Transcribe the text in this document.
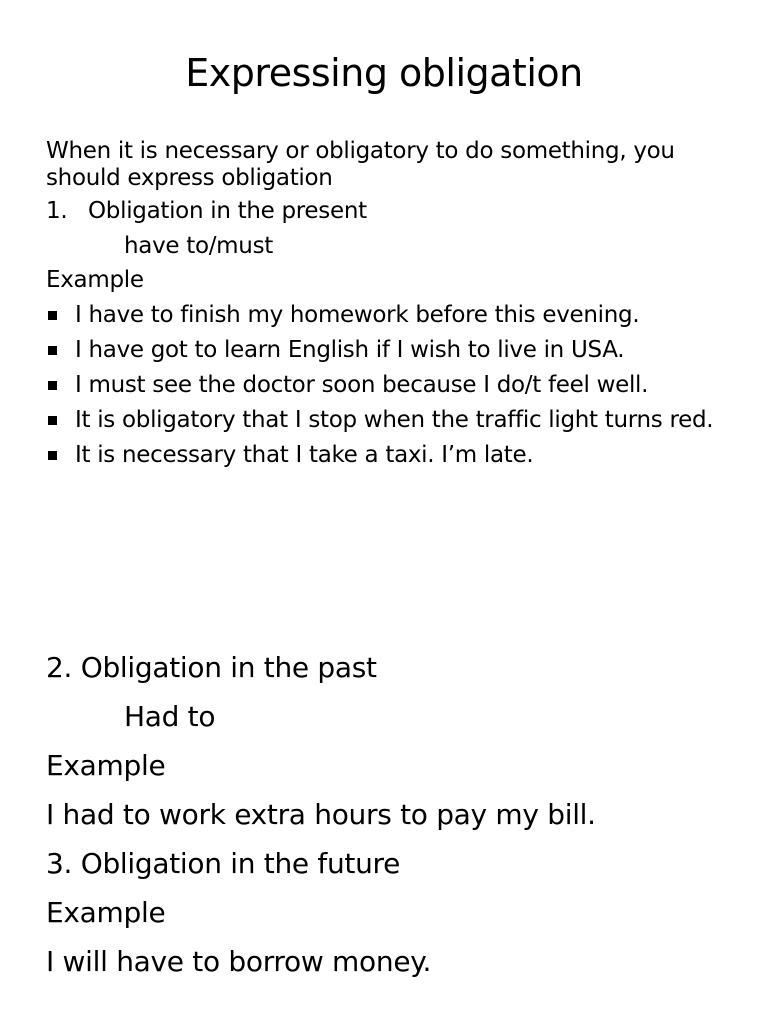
Expressing obligation
When it is necessary or obligatory to do something, you should express obligation
1. Obligation in the present
have to/must
Example
I have to finish my homework before this evening.
I have got to learn English if I wish to live in USA.
I must see the doctor soon because I do/t feel well.
It is obligatory that I stop when the traffic light turns red.
It is necessary that I take a taxi. I’m late.
2. Obligation in the past
Had to
Example
I had to work extra hours to pay my bill.
3. Obligation in the future
Example
I will have to borrow money.
